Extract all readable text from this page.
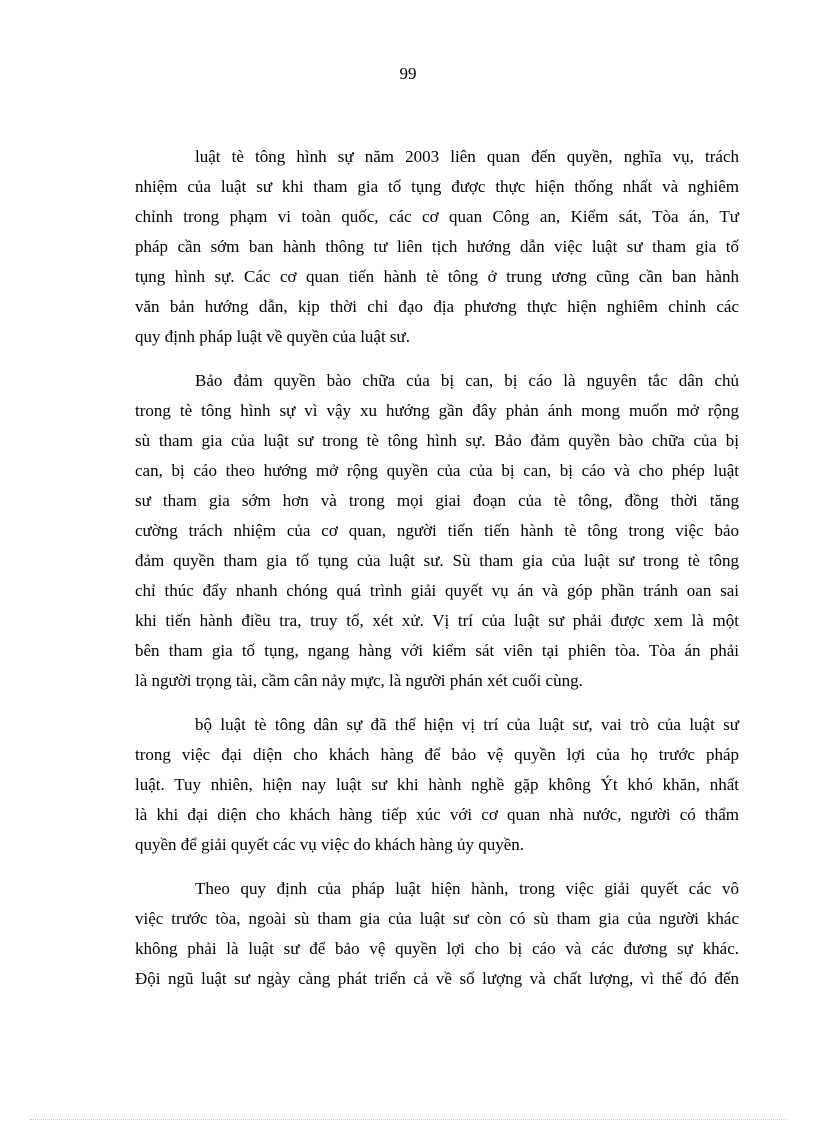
99

luật tè tông hình sự năm 2003 liên quan đến quyền, nghĩa vụ, trách
nhiệm của luật sư khi tham gia tố tụng được thực hiện thống nhất và nghiêm
chỉnh trong phạm vi toàn quốc, các cơ quan Công an, Kiểm sát, Tòa án, Tư
pháp cần sớm ban hành thông tư liên tịch hướng dẫn việc luật sư tham gia tố
tụng hình sự. Các cơ quan tiến hành tè tông ở trung ương cũng cần ban hành
văn bản hướng dẫn, kịp thời chỉ đạo địa phương thực hiện nghiêm chỉnh các
quy định pháp luật về quyền của luật sư.

Bảo đảm quyền bào chữa của bị can, bị cáo là nguyên tắc dân chủ
trong tè tông hình sự vì vậy xu hướng gần đây phản ánh mong muốn mở rộng
sù tham gia của luật sư trong tè tông hình sự. Bảo đảm quyền bào chữa của bị
can, bị cáo theo hướng mở rộng quyền của của bị can, bị cáo và cho phép luật
sư tham gia sớm hơn và trong mọi giai đoạn của tè tông, đồng thời tăng
cường trách nhiệm của cơ quan, người tiến tiến hành tè tông trong việc bảo
đảm quyền tham gia tố tụng của luật sư. Sù tham gia của luật sư trong tè tông
chỉ thúc đẩy nhanh chóng quá trình giải quyết vụ án và góp phần tránh oan sai
khi tiến hành điều tra, truy tố, xét xử. Vị trí của luật sư phải được xem là một
bên tham gia tố tụng, ngang hàng với kiểm sát viên tại phiên tòa. Tòa án phải
là người trọng tài, cầm cân nảy mực, là người phán xét cuối cùng.

bộ luật tè tông dân sự đã thể hiện vị trí của luật sư, vai trò của luật sư
trong việc đại diện cho khách hàng để bảo vệ quyền lợi của họ trước pháp
luật. Tuy nhiên, hiện nay luật sư khi hành nghề gặp không Ýt khó khăn, nhất
là khi đại diện cho khách hàng tiếp xúc với cơ quan nhà nước, người có thẩm
quyền để giải quyết các vụ việc do khách hàng ủy quyền.

Theo quy định của pháp luật hiện hành, trong việc giải quyết các vô
việc trước tòa, ngoài sù tham gia của luật sư còn có sù tham gia của người khác
không phải là luật sư để bảo vệ quyền lợi cho bị cáo và các đương sự khác.
Đội ngũ luật sư ngày càng phát triển cả về số lượng và chất lượng, vì thế đó đến
